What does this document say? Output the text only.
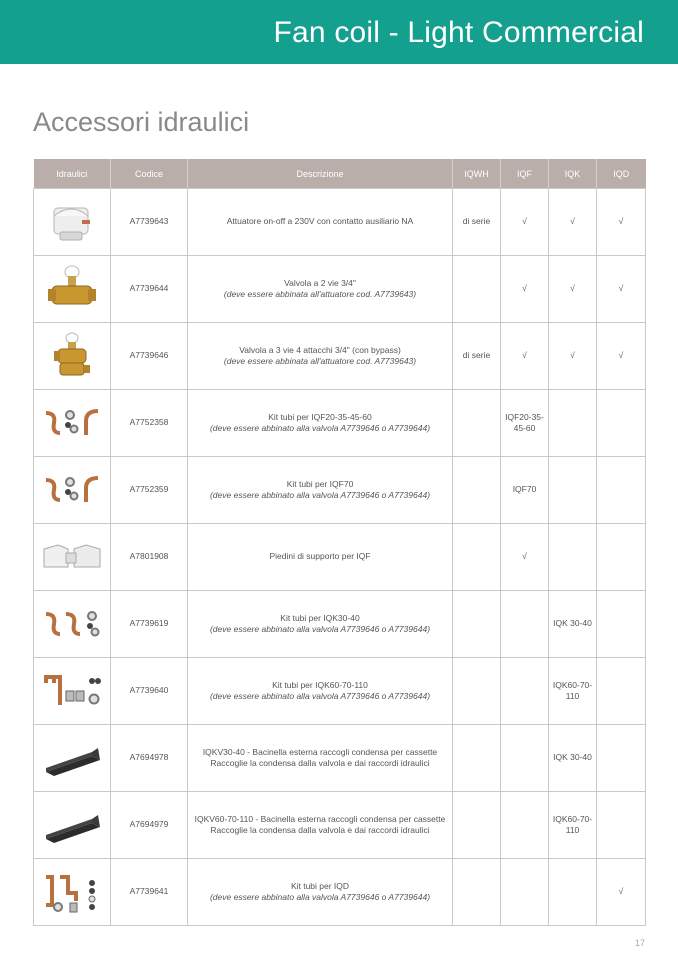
Fan coil - Light Commercial
Accessori idraulici
Idraulici	Codice	Descrizione	IQWH	IQF	IQK	IQD

	A7739643	Attuatore on-off a 230V con contatto ausiliario NA	di serie	√	√	√

	A7739644	Valvola a 2 vie 3/4"
(deve essere abbinata all'attuatore cod. A7739643)		√	√	√

	A7739646	Valvola a 3 vie 4 attacchi 3/4" (con bypass)
(deve essere abbinata all'attuatore cod. A7739643)	di serie	√	√	√

	A7752358	Kit tubi per IQF20-35-45-60
(deve essere abbinato alla valvola A7739646 o A7739644)		IQF20-35-45-60		

	A7752359	Kit tubi per IQF70
(deve essere abbinato alla valvola A7739646 o A7739644)		IQF70		

	A7801908	Piedini di supporto per IQF		√		

	A7739619	Kit tubi per IQK30-40
(deve essere abbinato alla valvola A7739646 o A7739644)			IQK 30-40	

	A7739640	Kit tubi per IQK60-70-110
(deve essere abbinato alla valvola A7739646 o A7739644)			IQK60-70-110	

	A7694978	IQKV30-40 - Bacinella esterna raccogli condensa per cassette
Raccoglie la condensa dalla valvola e dai raccordi idraulici			IQK 30-40	

	A7694979	IQKV60-70-110 - Bacinella esterna raccogli condensa per cassette
Raccoglie la condensa dalla valvola e dai raccordi idraulici			IQK60-70-110	

	A7739641	Kit tubi per IQD
(deve essere abbinato alla valvola A7739646 o A7739644)				√
17
